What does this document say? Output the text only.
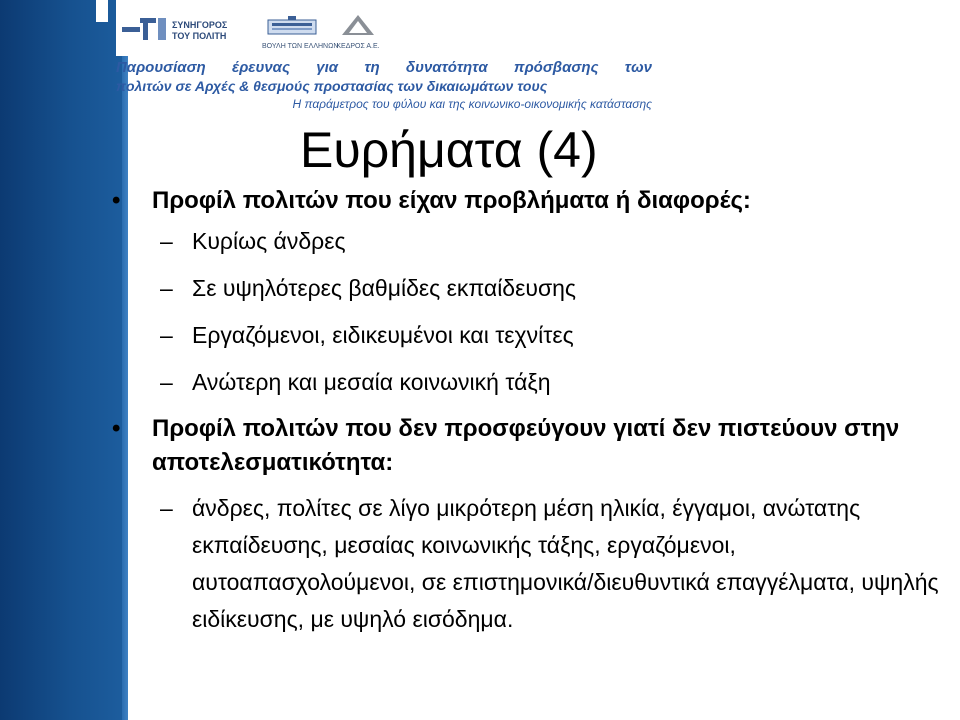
ΣΥΝΗΓΟΡΟΣ
ΤΟΥ ΠΟΛΙΤΗ
ΒΟΥΛΗ ΤΩΝ ΕΛΛΗΝΩΝ
ΚΕΔΡΟΣ Α.Ε.
Παρουσίαση έρευνας για τη δυνατότητα πρόσβασης των
πολιτών σε Αρχές & θεσμούς προστασίας των δικαιωμάτων τους
Η παράμετρος του φύλου και της κοινωνικο-οικονομικής κατάστασης
Ευρήματα (4)
• Προφίλ πολιτών που είχαν προβλήματα ή διαφορές:
– Κυρίως άνδρες
– Σε υψηλότερες βαθμίδες εκπαίδευσης
– Εργαζόμενοι, ειδικευμένοι και τεχνίτες
– Ανώτερη και μεσαία κοινωνική τάξη
• Προφίλ πολιτών που δεν προσφεύγουν γιατί δεν πιστεύουν στην αποτελεσματικότητα:
– άνδρες, πολίτες σε λίγο μικρότερη μέση ηλικία, έγγαμοι, ανώτατης εκπαίδευσης, μεσαίας κοινωνικής τάξης, εργαζόμενοι, αυτοαπασχολούμενοι, σε επιστημονικά/διευθυντικά επαγγέλματα, υψηλής ειδίκευσης, με υψηλό εισόδημα.
